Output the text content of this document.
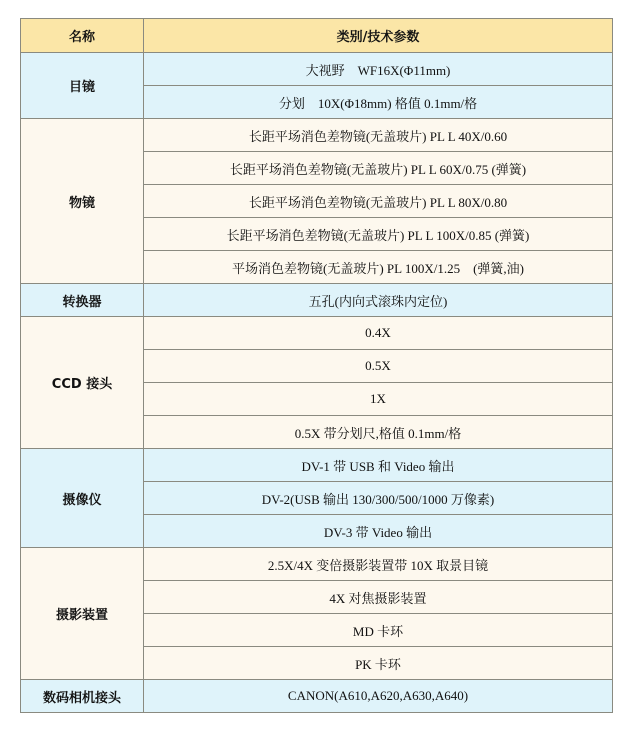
名称	类别/技术参数
目镜	大视野　WF16X(Φ11mm)
	分划　10X(Φ18mm) 格值 0.1mm/格
物镜	长距平场消色差物镜(无盖玻片) PL L 40X/0.60
	长距平场消色差物镜(无盖玻片) PL L 60X/0.75 (弹簧)
	长距平场消色差物镜(无盖玻片) PL L 80X/0.80
	长距平场消色差物镜(无盖玻片) PL L 100X/0.85 (弹簧)
	平场消色差物镜(无盖玻片) PL 100X/1.25　(弹簧,油)
转换器	五孔(内向式滚珠内定位)
CCD 接头	0.4X
	0.5X
	1X
	0.5X 带分划尺,格值 0.1mm/格
摄像仪	DV-1 带 USB 和 Video 输出
	DV-2(USB 输出 130/300/500/1000 万像素)
	DV-3 带 Video 输出
摄影装置	2.5X/4X 变倍摄影装置带 10X 取景目镜
	4X 对焦摄影装置
	MD 卡环
	PK 卡环
数码相机接头	CANON(A610,A620,A630,A640)
